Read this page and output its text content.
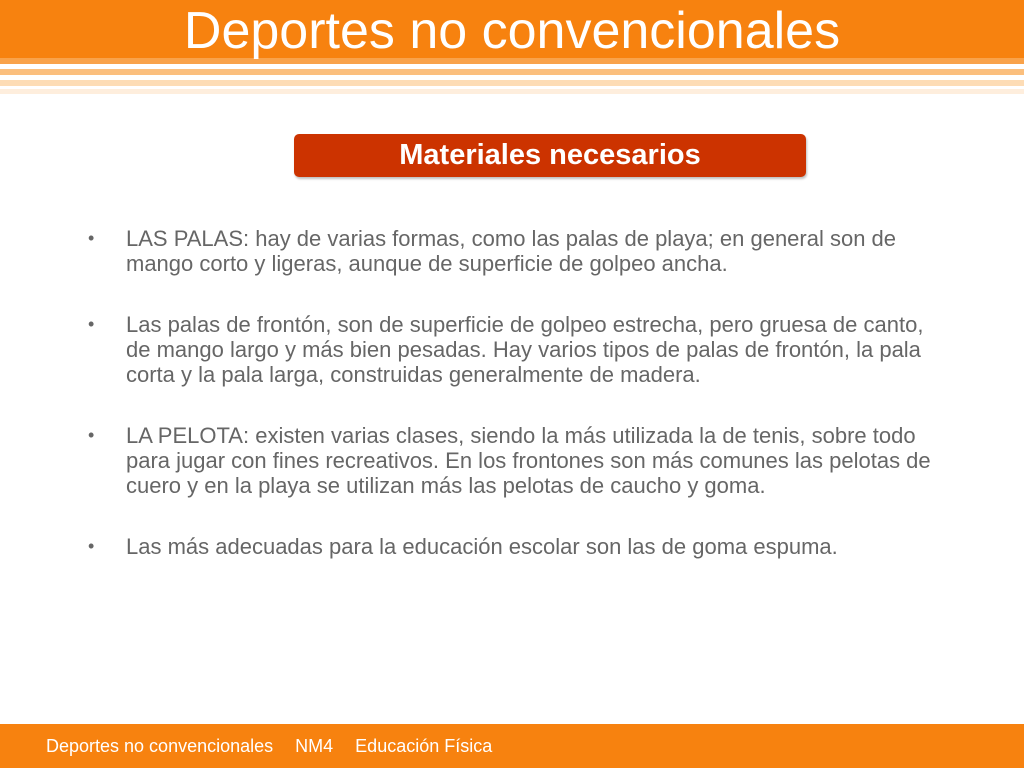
Deportes no convencionales
Materiales necesarios
• LAS PALAS: hay de varias formas, como las palas de playa; en general son de mango corto y ligeras, aunque de superficie de golpeo ancha.
• Las palas de frontón, son de superficie de golpeo estrecha, pero gruesa de canto, de mango largo y más bien pesadas. Hay varios tipos de palas de frontón, la pala corta y la pala larga, construidas generalmente de madera.
• LA PELOTA: existen varias clases, siendo la más utilizada la de tenis, sobre todo para jugar con fines recreativos. En los frontones son más comunes las pelotas de cuero y en la playa se utilizan más las pelotas de caucho y goma.
• Las más adecuadas para la educación escolar son las de goma espuma.
Deportes no convencionales NM4 Educación Física
